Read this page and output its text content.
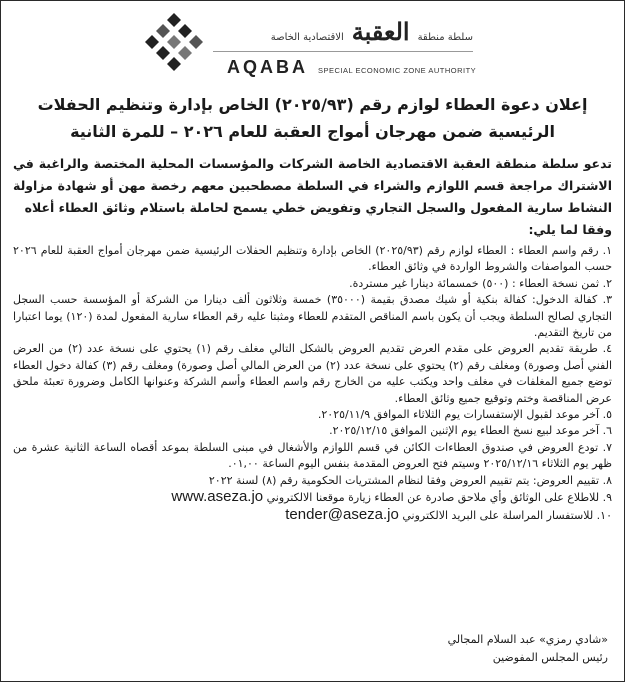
سلطة منطقة
العقبة
الاقتصادية الخاصة
AQABA SPECIAL ECONOMIC ZONE AUTHORITY
إعلان دعوة العطاء لوازم رقم (٢٠٢٥/٩٣) الخاص بإدارة وتنظيم الحفلات
الرئيسية ضمن مهرجان أمواج العقبة للعام ٢٠٢٦ – للمرة الثانية

تدعو سلطة منطقة العقبة الاقتصادية الخاصة الشركات والمؤسسات المحلية المختصة والراغبة في الاشتراك مراجعة قسم اللوازم والشراء في السلطة مصطحبين معهم رخصة مهن أو شهادة مزاولة النشاط سارية المفعول والسجل التجاري وتفويض خطي يسمح لحاملة باستلام وثائق العطاء أعلاه
وفقا لما يلي:

١. رقم واسم العطاء : العطاء لوازم رقم (٢٠٢٥/٩٣) الخاص بإدارة وتنظيم الحفلات الرئيسية ضمن مهرجان أمواج العقبة للعام ٢٠٢٦ حسب المواصفات والشروط الواردة في وثائق العطاء.
٢. ثمن نسخة العطاء : (٥٠٠) خمسمائة دينارا غير مستردة.
٣. كفالة الدخول: كفالة بنكية أو شيك مصدق بقيمة (٣٥٠٠٠) خمسة وثلاثون ألف دينارا من الشركة أو المؤسسة حسب السجل التجاري لصالح السلطة ويجب أن يكون باسم المناقص المتقدم للعطاء ومثبتا عليه رقم العطاء سارية المفعول لمدة (١٢٠) يوما اعتبارا من تاريخ التقديم.
٤. طريقة تقديم العروض على مقدم العرض تقديم العروض بالشكل التالي مغلف رقم (١) يحتوي على نسخة عدد (٢) من العرض الفني أصل وصورة) ومغلف رقم (٢) يحتوي على نسخة عدد (٢) من العرض المالي أصل وصورة) ومغلف رقم (٣) كفالة دخول العطاء توضع جميع المغلفات في مغلف واحد ويكتب عليه من الخارج رقم واسم العطاء وأسم الشركة وعنوانها الكامل وضرورة تعبئة ملحق عرض المناقصة وختم وتوقيع جميع وثائق العطاء.
٥. آخر موعد لقبول الإستفسارات يوم الثلاثاء الموافق ٢٠٢٥/١١/٩.
٦. آخر موعد لبيع نسخ العطاء يوم الإثنين الموافق ٢٠٢٥/١٢/١٥.
٧. تودع العروض في صندوق العطاءات الكائن في قسم اللوازم والأشغال في مبنى السلطة بموعد أقصاه الساعة الثانية عشرة من ظهر يوم الثلاثاء ٢٠٢٥/١٢/١٦ وسيتم فتح العروض المقدمة بنفس اليوم الساعة ٠١,٠٠.
٨. تقييم العروض: يتم تقييم العروض وفقا لنظام المشتريات الحكومية رقم (٨) لسنة ٢٠٢٢
٩. للاطلاع على الوثائق وأي ملاحق صادرة عن العطاء زيارة موقعنا الالكتروني www.aseza.jo
١٠. للاستفسار المراسلة على البريد الالكتروني tender@aseza.jo
«شادي رمزي» عبد السلام المجالي
رئيس المجلس المفوضين
